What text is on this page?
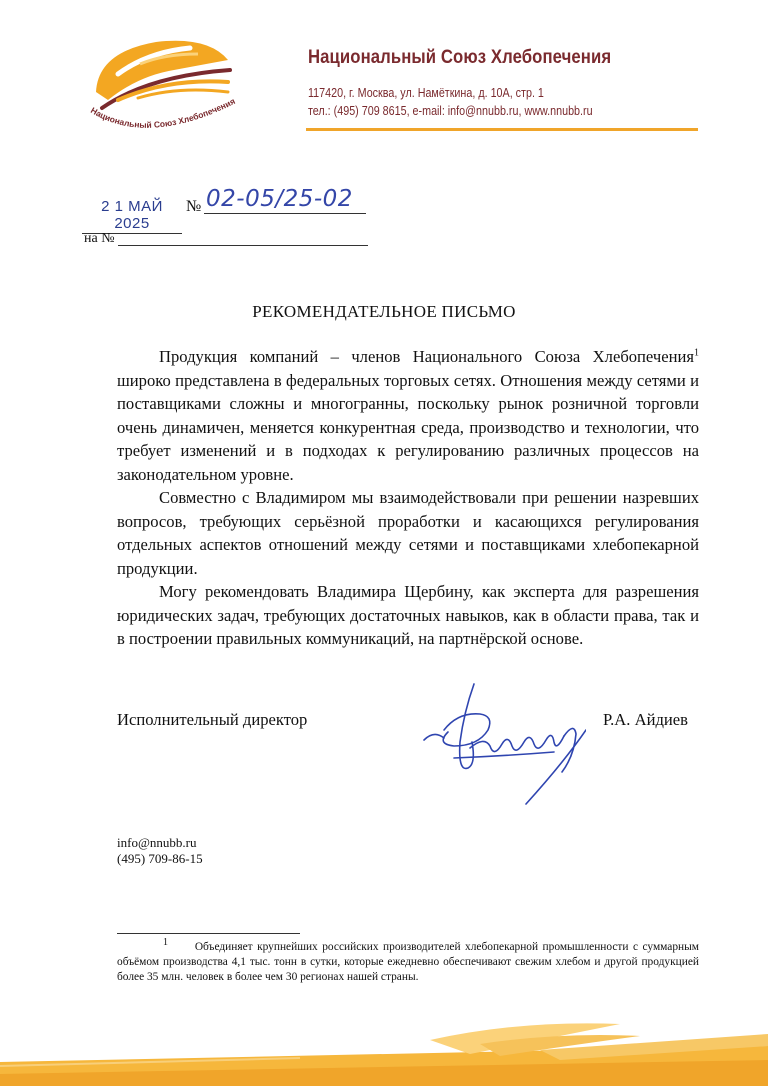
Национальный Союз Хлебопечения
Национальный Союз Хлебопечения
117420, г. Москва, ул. Намёткина, д. 10А, стр. 1
тел.: (495) 709 8615, e-mail: info@nnubb.ru, www.nnubb.ru
2 1 МАЙ 2025
№ 02-05/25-02
на №
РЕКОМЕНДАТЕЛЬНОЕ ПИСЬМО

Продукция компаний – членов Национального Союза Хлебопечения$^1$ широко представлена в федеральных торговых сетях. Отношения между сетями и поставщиками сложны и многогранны, поскольку рынок розничной торговли очень динамичен, меняется конкурентная среда, производство и технологии, что требует изменений и в подходах к регулированию различных процессов на законодательном уровне.

Совместно с Владимиром мы взаимодействовали при решении назревших вопросов, требующих серьёзной проработки и касающихся регулирования отдельных аспектов отношений между сетями и поставщиками хлебопекарной продукции.

Могу рекомендовать Владимира Щербину, как эксперта для разрешения юридических задач, требующих достаточных навыков, как в области права, так и в построении правильных коммуникаций, на партнёрской основе.

Исполнительный директор	Р.А. Айдиев
info@nnubb.ru
(495) 709-86-15
$^1$ Объединяет крупнейших российских производителей хлебопекарной промышленности с суммарным объёмом производства 4,1 тыс. тонн в сутки, которые ежедневно обеспечивают свежим хлебом и другой продукцией более 35 млн. человек в более чем 30 регионах нашей страны.
